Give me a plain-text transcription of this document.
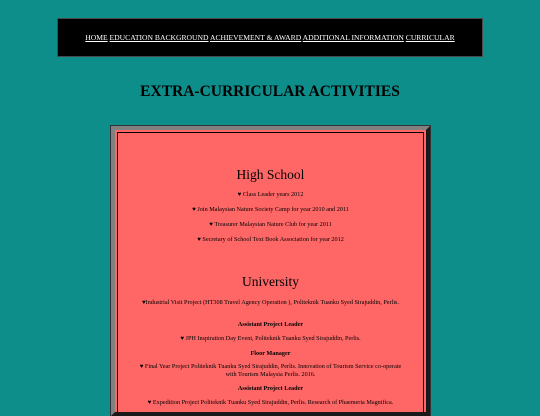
HOME EDUCATION BACKGROUND ACHIEVEMENT & AWARD ADDITIONAL INFORMATION CURRICULAR
EXTRA-CURRICULAR ACTIVITIES
High School

♥ Class Leader years 2012

♥ Join Malaysian Nature Society Camp for year 2010 and 2011

♥ Treasurer Malaysian Nature Club for year 2011

♥ Secretary of School Text Book Association for year 2012

University

♥Industrial Visit Project (HT308 Travel Agency Operation ), Politeknik Tuanku Syed Sirajuddin, Perlis.

Assistant Project Leader

♥ JPH Inspiration Day Event, Politeknik Tuanku Syed Sirajuddin, Perlis.

Floor Manager

♥ Final Year Project Politeknik Tuanku Syed Sirajuddin, Perlis. Innovation of Tourism Service co-operate with Tourism Malaysia Perlis. 2016.

Assistant Project Leader

♥ Expedition Project Politeknik Tuanku Syed Sirajuddin, Perlis. Research of Phaemeria Magnifica.
